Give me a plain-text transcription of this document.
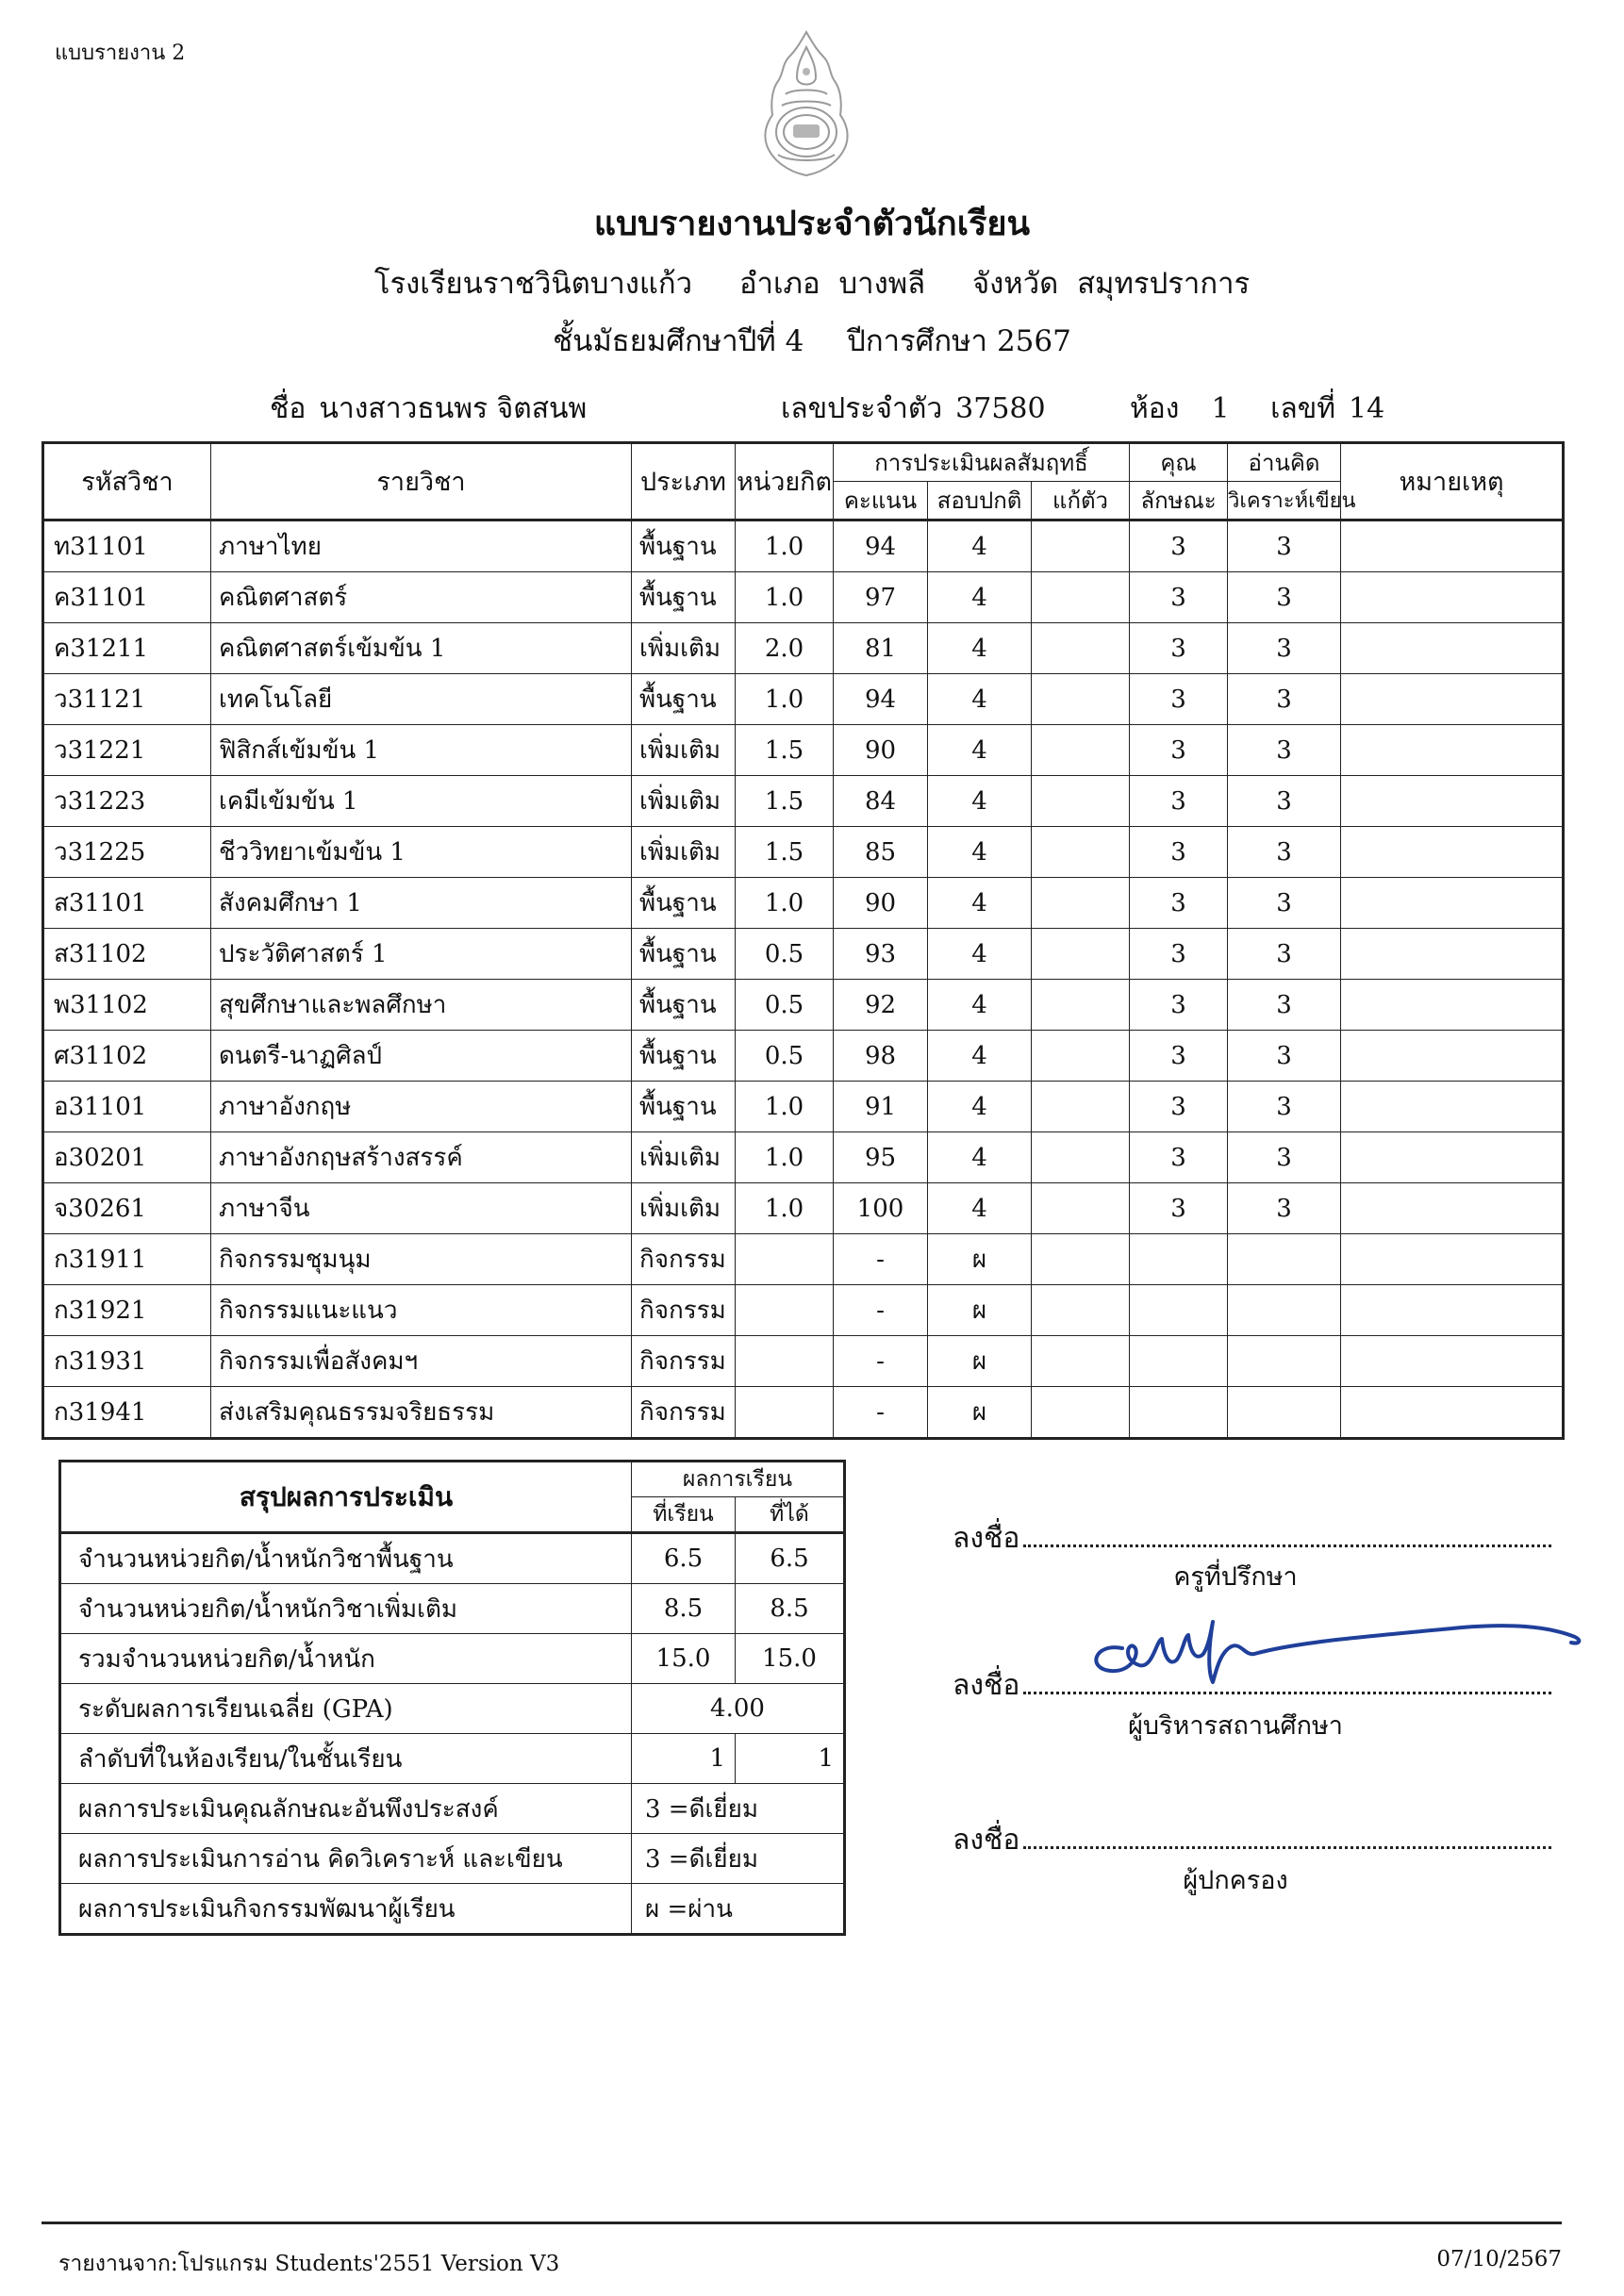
แบบรายงาน 2
แบบรายงานประจำตัวนักเรียน
โรงเรียนราชวินิตบางแก้ว อำเภอ บางพลี จังหวัด สมุทรปราการ
ชั้นมัธยมศึกษาปีที่ 4 ปีการศึกษา 2567
ชื่อ นางสาวธนพร จิตสนพ	เลขประจำตัว 37580	ห้อง 1 เลขที่ 14
รหัสวิชา	รายวิชา	ประเภท	หน่วยกิต	การประเมินผลสัมฤทธิ์			คุณ	อ่านคิด	หมายเหตุ
				คะแนน	สอบปกติ	แก้ตัว	ลักษณะ	วิเคราะห์เขียน	
ท31101	ภาษาไทย	พื้นฐาน	1.0	94	4		3	3	
ค31101	คณิตศาสตร์	พื้นฐาน	1.0	97	4		3	3	
ค31211	คณิตศาสตร์เข้มข้น 1	เพิ่มเติม	2.0	81	4		3	3	
ว31121	เทคโนโลยี	พื้นฐาน	1.0	94	4		3	3	
ว31221	ฟิสิกส์เข้มข้น 1	เพิ่มเติม	1.5	90	4		3	3	
ว31223	เคมีเข้มข้น 1	เพิ่มเติม	1.5	84	4		3	3	
ว31225	ชีววิทยาเข้มข้น 1	เพิ่มเติม	1.5	85	4		3	3	
ส31101	สังคมศึกษา 1	พื้นฐาน	1.0	90	4		3	3	
ส31102	ประวัติศาสตร์ 1	พื้นฐาน	0.5	93	4		3	3	
พ31102	สุขศึกษาและพลศึกษา	พื้นฐาน	0.5	92	4		3	3	
ศ31102	ดนตรี-นาฏศิลป์	พื้นฐาน	0.5	98	4		3	3	
อ31101	ภาษาอังกฤษ	พื้นฐาน	1.0	91	4		3	3	
อ30201	ภาษาอังกฤษสร้างสรรค์	เพิ่มเติม	1.0	95	4		3	3	
จ30261	ภาษาจีน	เพิ่มเติม	1.0	100	4		3	3	
ก31911	กิจกรรมชุมนุม	กิจกรรม		-	ผ				
ก31921	กิจกรรมแนะแนว	กิจกรรม		-	ผ				
ก31931	กิจกรรมเพื่อสังคมฯ	กิจกรรม		-	ผ				
ก31941	ส่งเสริมคุณธรรมจริยธรรม	กิจกรรม		-	ผ				
สรุปผลการประเมิน	ผลการเรียน	
	ที่เรียน	ที่ได้
จำนวนหน่วยกิต/น้ำหนักวิชาพื้นฐาน	6.5	6.5
จำนวนหน่วยกิต/น้ำหนักวิชาเพิ่มเติม	8.5	8.5
รวมจำนวนหน่วยกิต/น้ำหนัก	15.0	15.0
ระดับผลการเรียนเฉลี่ย (GPA)	4.00	
ลำดับที่ในห้องเรียน/ในชั้นเรียน	1	1
ผลการประเมินคุณลักษณะอันพึงประสงค์	3 =ดีเยี่ยม	
ผลการประเมินการอ่าน คิดวิเคราะห์ และเขียน	3 =ดีเยี่ยม	
ผลการประเมินกิจกรรมพัฒนาผู้เรียน	ผ =ผ่าน	
ลงชื่อ
ครูที่ปรึกษา
ลงชื่อ
ผู้บริหารสถานศึกษา
ลงชื่อ
ผู้ปกครอง
รายงานจาก:โปรแกรม Students'2551 Version V3	07/10/2567
